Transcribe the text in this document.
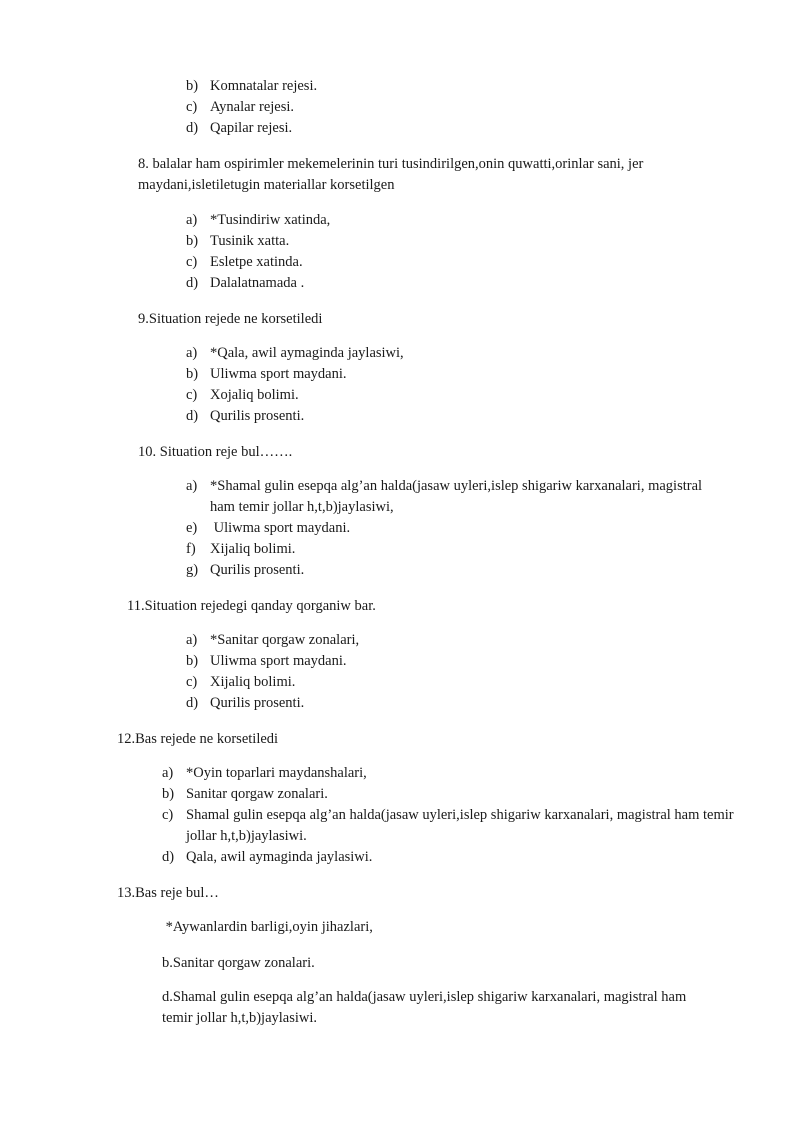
b) Komnatalar rejesi.
c) Aynalar rejesi.
d) Qapilar rejesi.
8. balalar ham ospirimler mekemelerinin turi tusindirilgen,onin quwatti,orinlar sani, jer maydani,isletiletugin materiallar korsetilgen
a) *Tusindiriw xatinda,
b) Tusinik xatta.
c) Esletpe xatinda.
d) Dalalatnamada .
9.Situation rejede ne korsetiledi
a) *Qala, awil aymaginda jaylasiwi,
b) Uliwma sport maydani.
c) Xojaliq bolimi.
d) Qurilis prosenti.
10. Situation reje bul…….
a) *Shamal gulin esepqa alg’an halda(jasaw uyleri,islep shigariw karxanalari, magistral ham temir jollar h,t,b)jaylasiwi,
e) Uliwma sport maydani.
f) Xijaliq bolimi.
g) Qurilis prosenti.
11.Situation rejedegi qanday qorganiw bar.
a) *Sanitar qorgaw zonalari,
b) Uliwma sport maydani.
c) Xijaliq bolimi.
d) Qurilis prosenti.
12.Bas rejede ne korsetiledi
a) *Oyin toparlari maydanshalari,
b) Sanitar qorgaw zonalari.
c) Shamal gulin esepqa alg’an halda(jasaw uyleri,islep shigariw karxanalari, magistral ham temir jollar h,t,b)jaylasiwi.
d) Qala, awil aymaginda jaylasiwi.
13.Bas reje bul…
*Aywanlardin barligi,oyin jihazlari,
b.Sanitar qorgaw zonalari.
d.Shamal gulin esepqa alg’an halda(jasaw uyleri,islep shigariw karxanalari, magistral ham temir jollar h,t,b)jaylasiwi.
